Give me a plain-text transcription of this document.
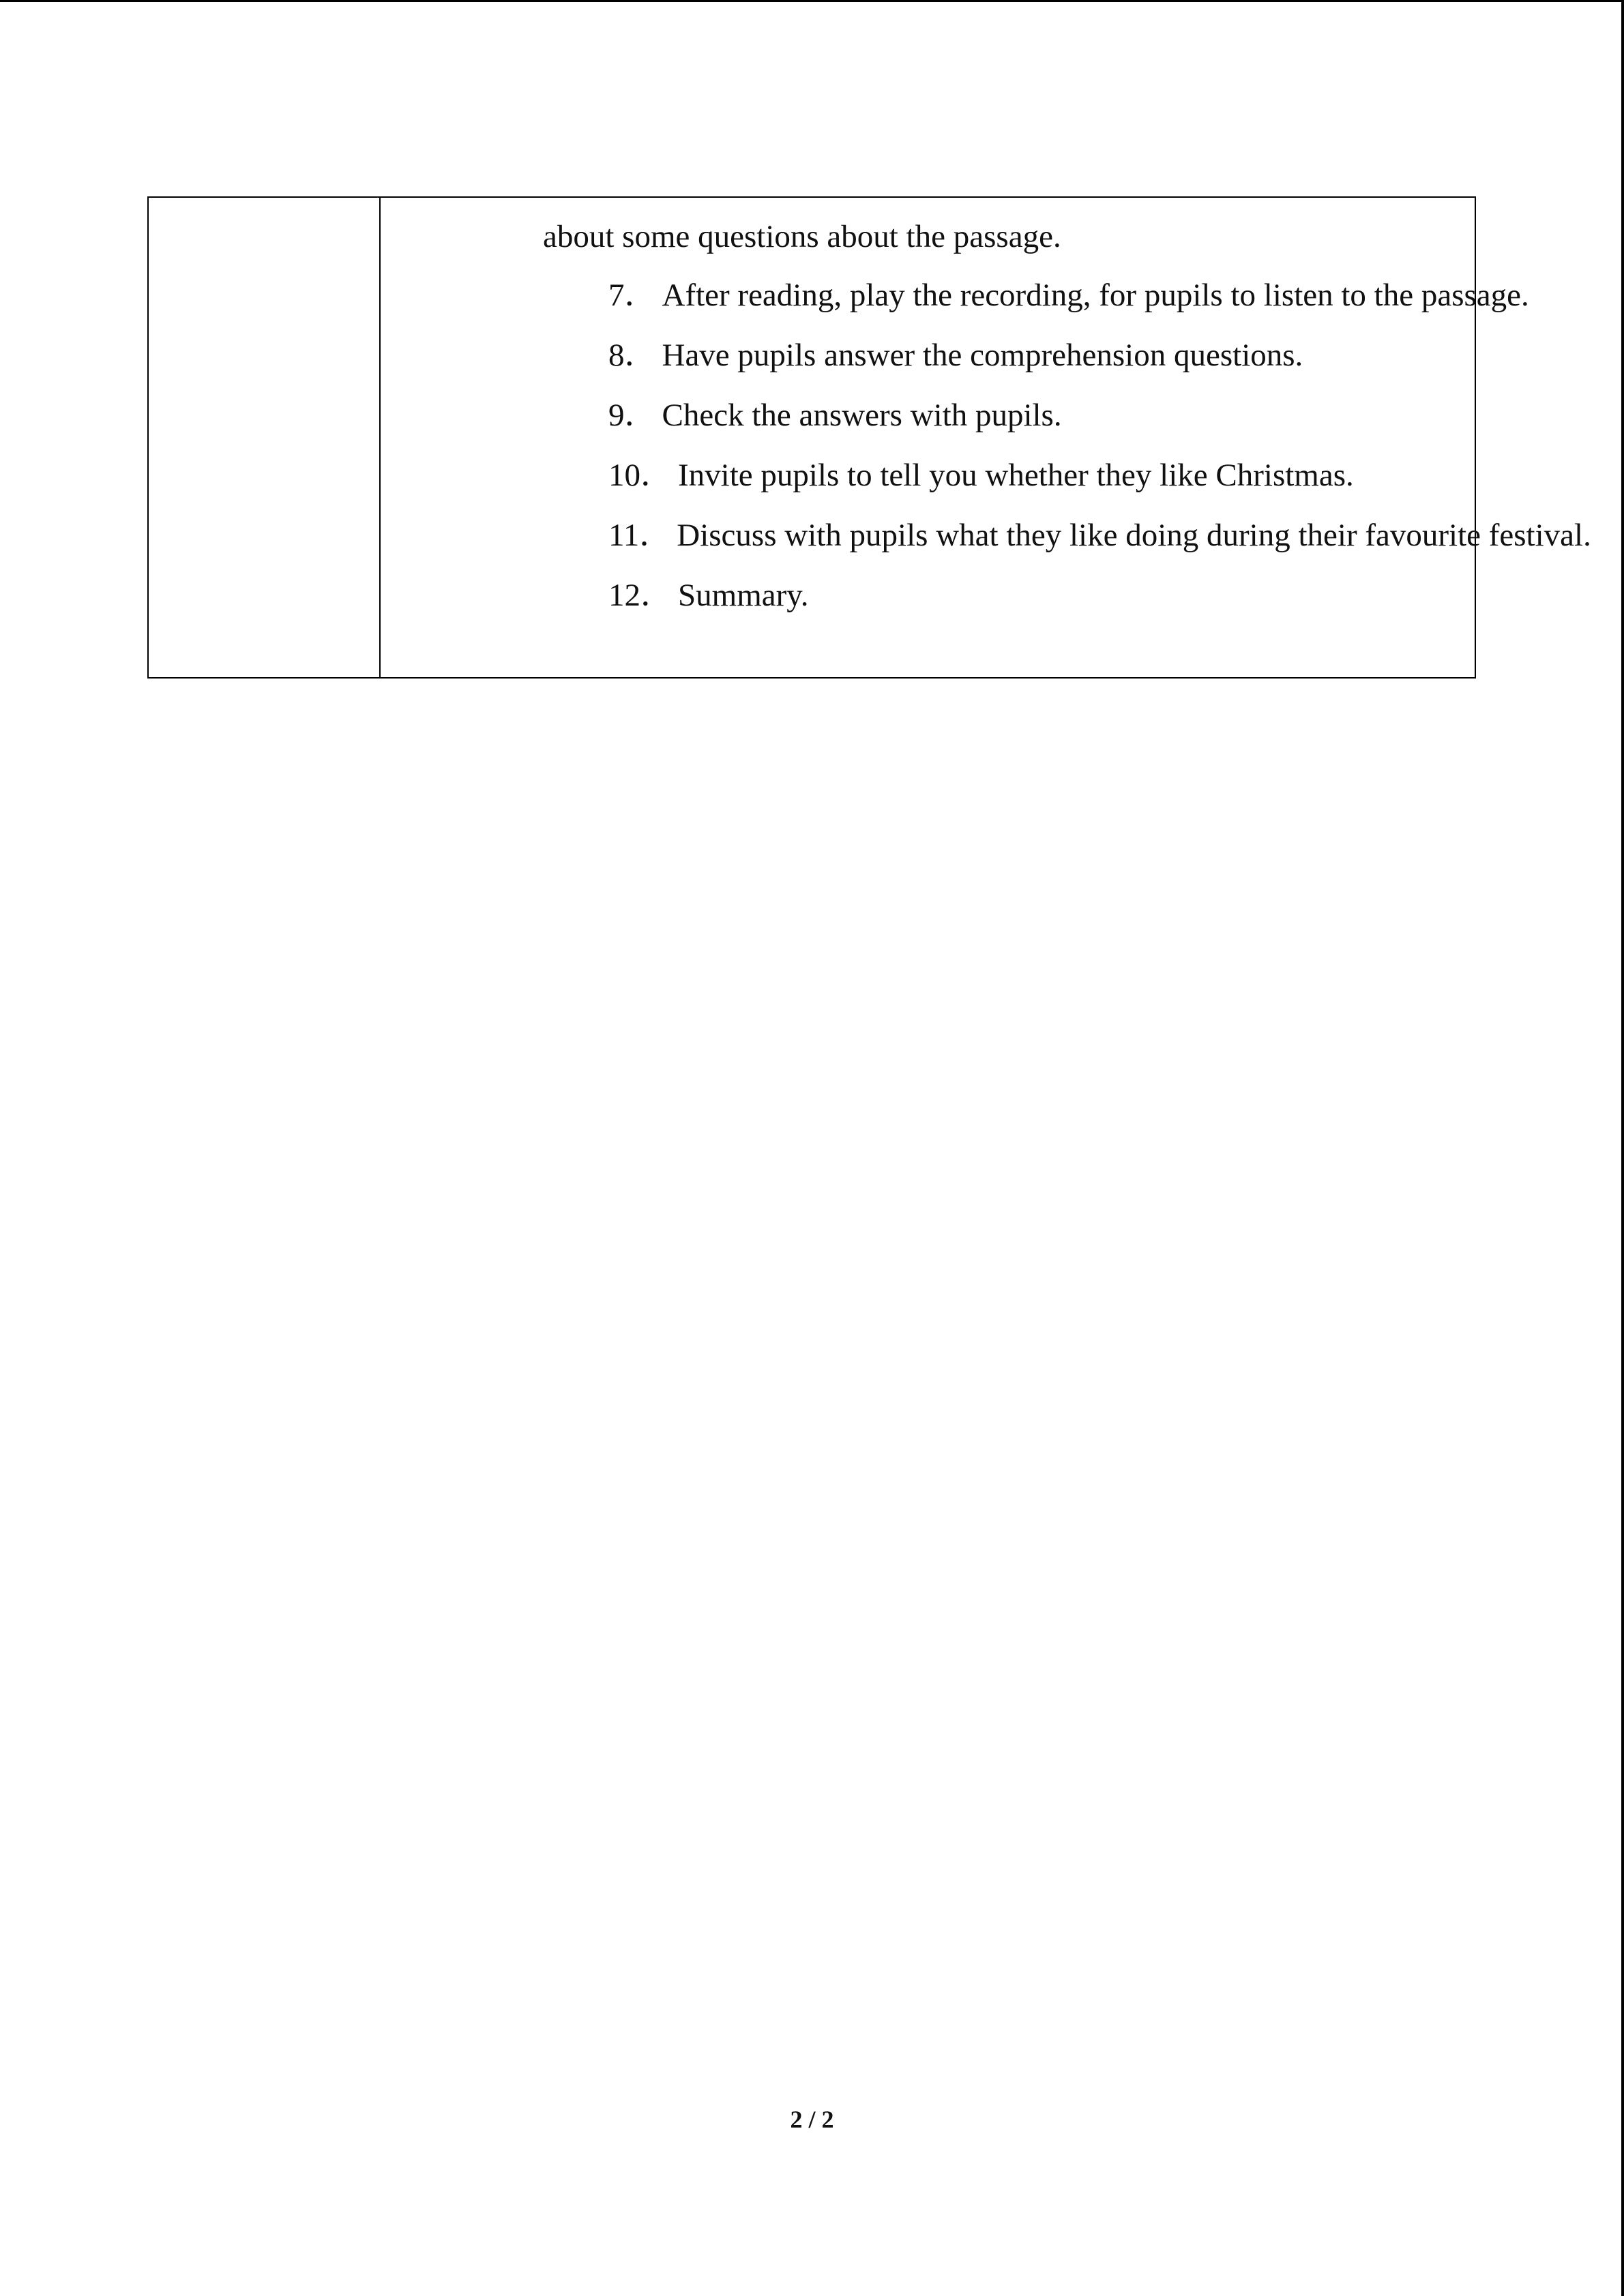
about some questions about the passage.

7． After reading, play the recording, for pupils to listen to the passage.

8． Have pupils answer the comprehension questions.

9． Check the answers with pupils.

10． Invite pupils to tell you whether they like Christmas.

11． Discuss with pupils what they like doing during their favourite festival.

12． Summary.

2 / 2
